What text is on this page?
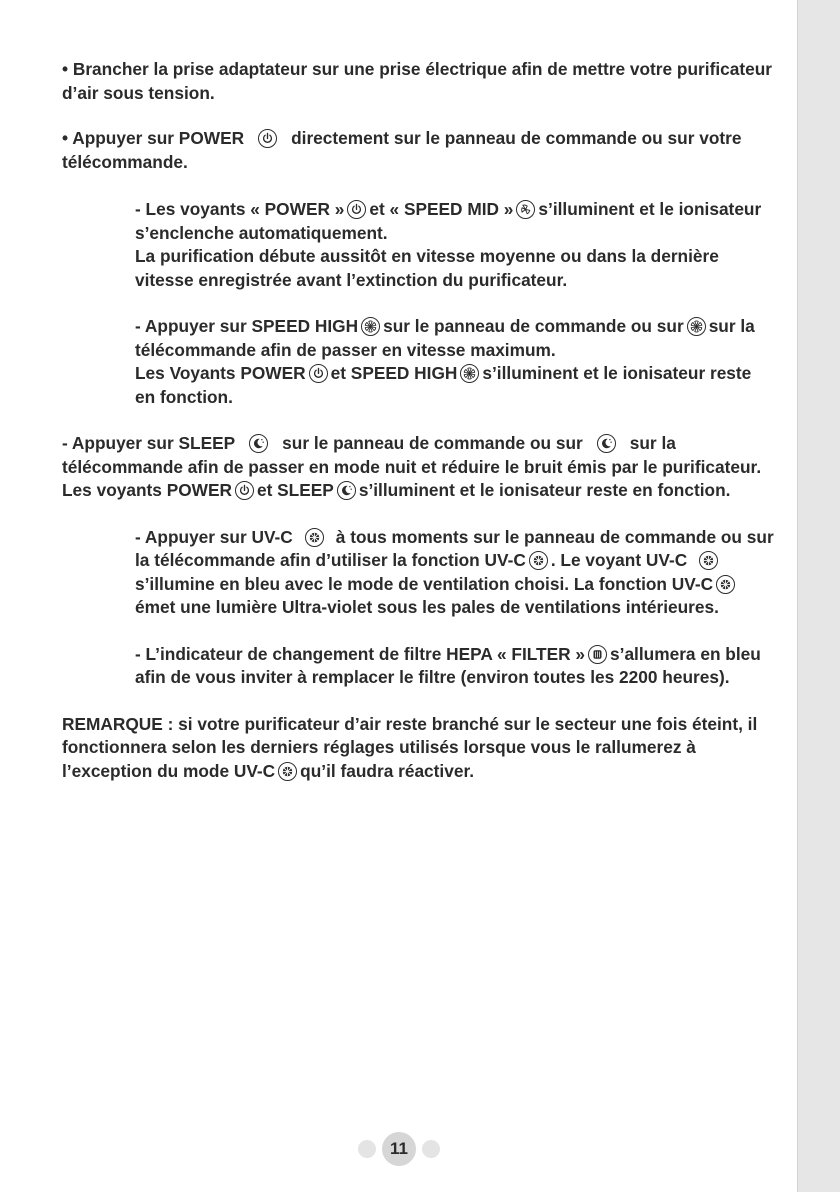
• Brancher la prise adaptateur sur une prise électrique afin de mettre votre purificateur d’air sous tension.

• Appuyer sur POWER	directement sur le panneau de commande ou sur votre télécommande.

- Les voyants « POWER » et « SPEED MID » s’illuminent et le ionisateur s’enclenche automatiquement.
La purification débute aussitôt en vitesse moyenne ou dans la dernière vitesse enregistrée avant l’extinction du purificateur.

- Appuyer sur SPEED HIGH sur le panneau de commande ou sur sur la télécommande afin de passer en vitesse maximum.
Les Voyants POWER et SPEED HIGH s’illuminent et le ionisateur reste en fonction.

- Appuyer sur SLEEP	sur le panneau de commande ou sur	sur la télécommande afin de passer en mode nuit et réduire le bruit émis par le purificateur. Les voyants POWER et SLEEP s’illuminent et le ionisateur reste en fonction.

- Appuyer sur UV-C à tous moments sur le panneau de commande ou sur la télécommande afin d’utiliser la fonction UV-C . Le voyant UV-C
s’illumine en bleu avec le mode de ventilation choisi. La fonction UV-C
émet une lumière Ultra-violet sous les pales de ventilations intérieures.

- L’indicateur de changement de filtre HEPA « FILTER » s’allumera en bleu afin de vous inviter à remplacer le filtre (environ toutes les 2200 heures).

REMARQUE : si votre purificateur d’air reste branché sur le secteur une fois éteint, il fonctionnera selon les derniers réglages utilisés lorsque vous le rallumerez à l’exception du mode UV-C qu’il faudra réactiver.

11
